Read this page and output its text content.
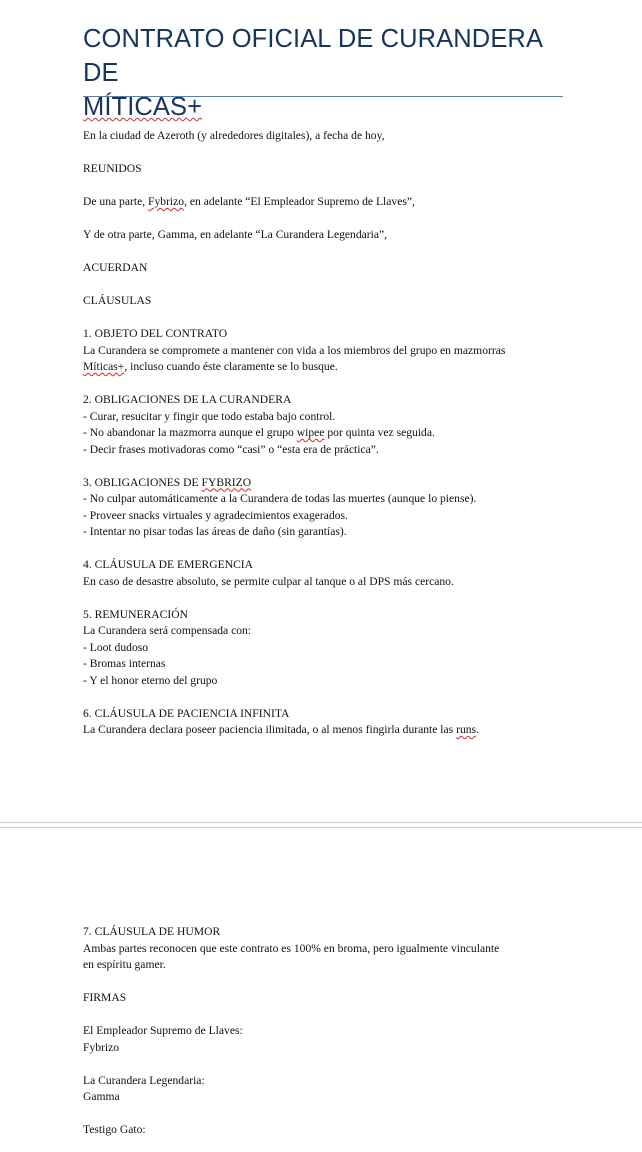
CONTRATO OFICIAL DE CURANDERA DE
MÍTICAS+

En la ciudad de Azeroth (y alrededores digitales), a fecha de hoy,

REUNIDOS

De una parte, Fybrizo, en adelante “El Empleador Supremo de Llaves”,

Y de otra parte, Gamma, en adelante “La Curandera Legendaria”,

ACUERDAN

CLÁUSULAS

1. OBJETO DEL CONTRATO

La Curandera se compromete a mantener con vida a los miembros del grupo en mazmorras

Míticas+, incluso cuando éste claramente se lo busque.

2. OBLIGACIONES DE LA CURANDERA

- Curar, resucitar y fingir que todo estaba bajo control.

- No abandonar la mazmorra aunque el grupo wipee por quinta vez seguida.

- Decir frases motivadoras como “casi” o “esta era de práctica”.

3. OBLIGACIONES DE FYBRIZO

- No culpar automáticamente a la Curandera de todas las muertes (aunque lo piense).

- Proveer snacks virtuales y agradecimientos exagerados.

- Intentar no pisar todas las áreas de daño (sin garantías).

4. CLÁUSULA DE EMERGENCIA

En caso de desastre absoluto, se permite culpar al tanque o al DPS más cercano.

5. REMUNERACIÓN

La Curandera será compensada con:

- Loot dudoso

- Bromas internas

- Y el honor eterno del grupo

6. CLÁUSULA DE PACIENCIA INFINITA

La Curandera declara poseer paciencia ilimitada, o al menos fingirla durante las runs.

7. CLÁUSULA DE HUMOR

Ambas partes reconocen que este contrato es 100% en broma, pero igualmente vinculante

en espíritu gamer.

FIRMAS

El Empleador Supremo de Llaves:

Fybrizo

La Curandera Legendaria:

Gamma

Testigo Gato:
